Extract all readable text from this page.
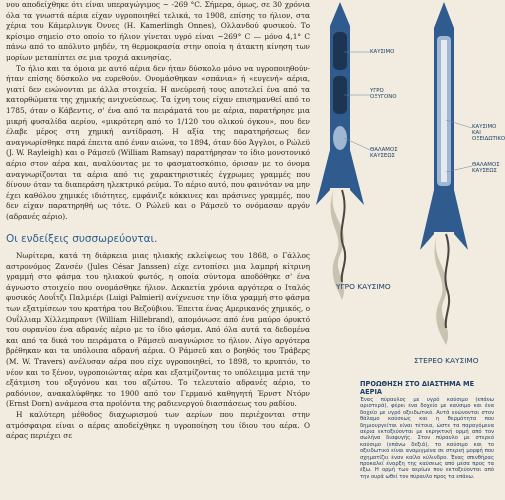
νου αποδείχθηκε ότι είναι υπεραγώγιμος ~ -269 °C. Σήμερα, όμως, σε 30 χρόνια όλα τα γνωστά αέρια είχαν υγροποιηθεί τελικά, το 1908, επίσης το ήλιον, στα χέρια του Κάμερλινγκ Όννες (H. Kamerlingh Onnes), Ολλανδού φυσικού. Το κρίσιμο σημείο στο οποίο το ήλιον γίνεται υγρό είναι ~269° C — μόνο 4,1° C πάνω από το απόλυτο μηδέν, τη θερμοκρασία στην οποία η άτακτη κίνηση των μορίων μεταπίπτει σε μια τροχιά ακινησίας.

Το ήλιο και τα όμοια με αυτό αέρια δεν ήταν δύσκολο μόνο να υγροποιηθούν· ήταν επίσης δύσκολο να ευρεθούν. Ονομάσθηκαν «σπάνια» ή «ευγενή» αέρια, γιατί δεν ενώνονται με άλλα στοιχεία. Η ανεύρεσή τους αποτελεί ένα από τα κατορθώματα της χημικής ανιχνεύσεως. Τα ίχνη τους είχαν επισημανθεί από το 1785, όταν ο Κάβεντις, σ' ένα από τα πειράματά του με αέρια, παρατήρησε μια μικρή φυσαλίδα αερίου, «μικρότερη από το 1/120 του ολικού όγκου», που δεν έλαβε μέρος στη χημική αντίδραση. Η αξία της παρατηρήσεως δεν αναγνωρίσθηκε παρά έπειτα από έναν αιώνα, το 1894, όταν δύο Άγγλοι, ο Ρώλεϋ (J. W. Rayleigh) και ο Ράμσεϋ (William Ramsay) παρατήρησαν το ίδιο μονοτονικό αέριο στον αέρα και, αναλύοντας με το φασματοσκόπιο, όρισαν με το όνομα αναγνωρίζονται τα αέρια από τις χαρακτηριστικές έγχρωμες γραμμές που δίνουν όταν τα διαπεράση ηλεκτρικό ρεύμα. Το αέριο αυτό, που φαινόταν να μην έχει καθόλου χημικές ιδιότητες, εμφάνιζε κόκκινες και πράσινες γραμμές, που δεν είχαν παρατηρηθή ως τότε. Ο Ρώλεϋ και ο Ράμσεϋ το ονόμασαν αργόν (αδρανές αέριο).

Οι ενδείξεις συσσωρεύονται.

Νωρίτερα, κατά τη διάρκεια μιας ηλιακής εκλείψεως του 1868, ο Γάλλος αστρονόμος Ζανσέν (Jules César Janssen) είχε εντοπίσει μια λαμπρή κίτρινη γραμμή στο φάσμα του ηλιακού φωτός, η οποία σύντομα αποδόθηκε σ' ένα άγνωστο στοιχείο που ονομάσθηκε ήλιον. Δεκαετία χρόνια αργότερα ο Ιταλός φυσικός Λουΐτζι Παλμιέρι (Luigi Palmieri) ανίχνευσε την ίδια γραμμή στο φάσμα των εξατμίσεων του κρατήρα του Βεζούβιου. Έπειτα ένας Αμερικανός χημικός, ο Ουΐλλιαμ Χίλλεμπραντ (William Hillebrand), απομόνωσε από ένα μαύρο όρυκτό του ουρανίου ένα αδρανές αέριο με το ίδιο φάσμα. Από όλα αυτά τα δεδομένα και από τα δικά του πειράματα ο Ράμσεϋ αναγνώρισε το ήλιον. Λίγο αργότερα βρέθηκαν και τα υπόλοιπα αδρανή αέρια. Ο Ράμσεϋ και ο βοηθός του Τράβερς (M. W. Travers) ανέλυσαν αέρα που είχε υγροποιηθεί, το 1898, το κρυπτόν, το νέον και το ξένον, υγροποιώντας αέρα και εξατμίζοντας το υπόλειμμα μετά την εξάτμιση του οξυγόνου και του αζώτου. Το τελευταίο αδρανές αέριο, το ραδόνιον, ανακαλύφθηκε το 1900 από τον Γερμανό καθηγητή Έρνστ Ντόρν (Ernst Dorn) ανάμεσα στα προϊόντα της ραδιενεργού διασπάσεως του ραδίου.

Η καλύτερη μέθοδος διαχωρισμού των αερίων που περιέχονται στην ατμόσφαιρα είναι ο αέρας αποδείχθηκε η υγροποίηση του ίδιου του αέρα. Ο αέρας περιέχει σε

ΚΑΥΣΙΜΟ
ΥΓΡΟ ΟΞΥΓΟΝΟ
ΘΑΛΑΜΟΣ ΚΑΥΣΕΩΣ
ΚΑΥΣΙΜΟ ΚΑΙ ΟΞΕΙΔΩΤΙΚΟ
ΘΑΛΑΜΟΣ ΚΑΥΣΕΩΣ
ΥΓΡΟ ΚΑΥΣΙΜΟ
ΣΤΕΡΕΟ ΚΑΥΣΙΜΟ
ΠΡΟΩΘΗΣΗ ΣΤΟ ΔΙΑΣΤΗΜΑ ΜΕ ΑΕΡΙΑ
Ένας πύραυλος με υγρό καύσιμο (επάνω αριστερά), φέρει ένα δοχείο με καύσιμο και ένα δοχείο με υγρό οξειδωτικό. Αυτά ενώνονται στον θάλαμο καύσεως και η θερμότητα που δημιουργείται είναι τέτοια, ώστε τα παραγόμενα αέρια εκτοξεύονται με εκρηκτική ορμή από τον σωλήνα διαφυγής. Στον πύραυλο με στερεό καύσιμο (επάνω δεξιά), το καύσιμο και το οξειδωτικό είναι αναμιγμένα σε στερεή μορφή που σχηματίζει έναν κοίλο κύλινδρο. Ένας σπινθήρας προκαλεί έναρξη της καύσεως από μέσα προς τα έξω. Η ορμή των αερίων που εκτοξεύονται από την ουρά ωθεί τον πύραυλο προς τα επάνω.
